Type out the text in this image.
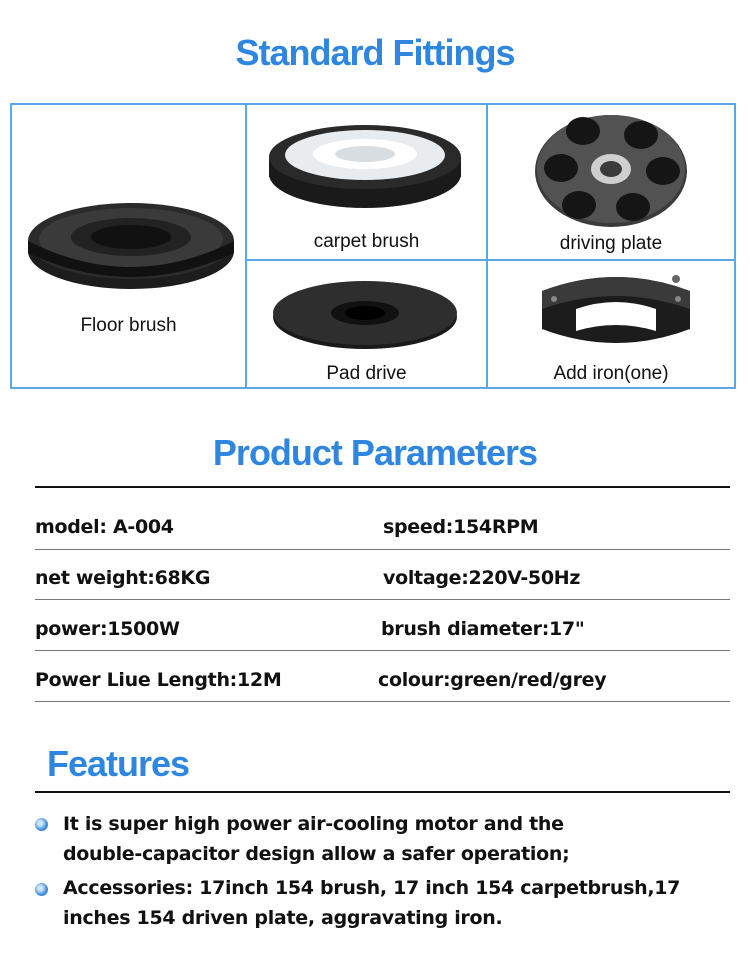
Standard Fittings
Floor brush
carpet brush	driving plate
Pad drive	Add iron(one)
Product Parameters
model: A-004	speed:154RPM
net weight:68KG	voltage:220V-50Hz
power:1500W	brush diameter:17"
Power Liue Length:12M	colour:green/red/grey
Features
It is super high power air-cooling motor and the
double-capacitor design allow a safer operation;
Accessories: 17inch 154 brush, 17 inch 154 carpetbrush,17
inches 154 driven plate, aggravating iron.
